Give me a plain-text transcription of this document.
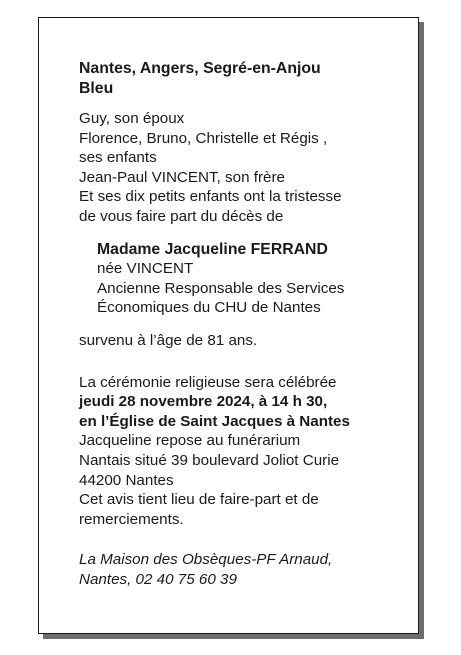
Nantes, Angers, Segré-en-Anjou
Bleu
Guy, son époux
Florence, Bruno, Christelle et Régis ,
ses enfants
Jean-Paul VINCENT, son frère
Et ses dix petits enfants ont la tristesse
de vous faire part du décès de
Madame Jacqueline FERRAND
née VINCENT
Ancienne Responsable des Services
Économiques du CHU de Nantes
survenu à l’âge de 81 ans.
La cérémonie religieuse sera célébrée
jeudi 28 novembre 2024, à 14 h 30,
en l’Église de Saint Jacques à Nantes
Jacqueline repose au funérarium
Nantais situé 39 boulevard Joliot Curie
44200 Nantes
Cet avis tient lieu de faire-part et de
remerciements.
La Maison des Obsèques-PF Arnaud,
Nantes, 02 40 75 60 39
